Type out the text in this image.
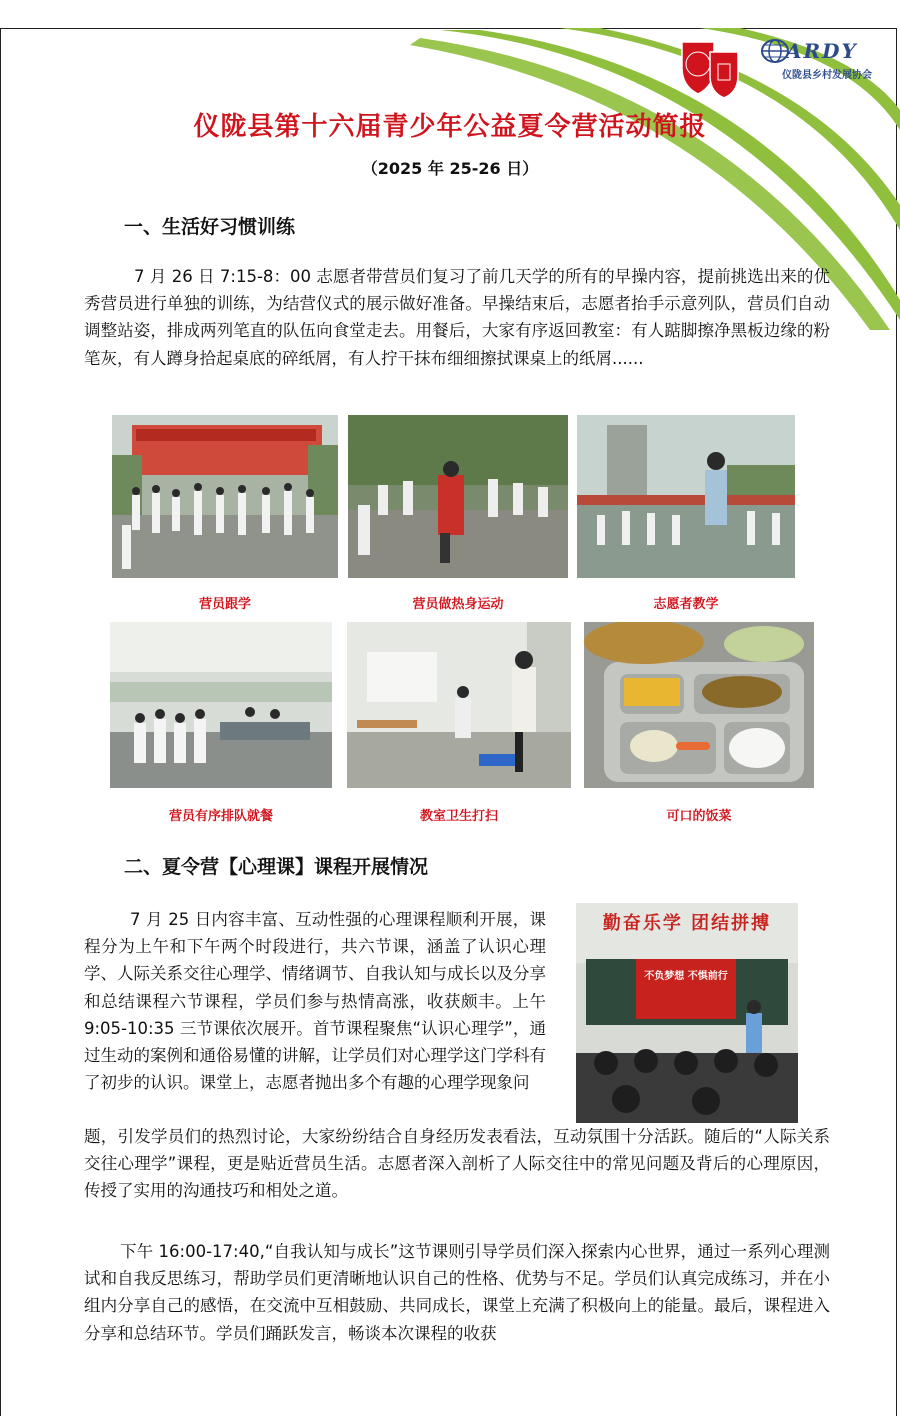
ARDY
仪陇县乡村发展协会
仪陇县第十六届青少年公益夏令营活动简报
（2025 年 25-26 日）
一、生活好习惯训练

7 月 26 日 7:15-8：00 志愿者带营员们复习了前几天学的所有的早操内容，提前挑选出来的优秀营员进行单独的训练，为结营仪式的展示做好准备。早操结束后，志愿者抬手示意列队，营员们自动调整站姿，排成两列笔直的队伍向食堂走去。用餐后，大家有序返回教室：有人踮脚擦净黑板边缘的粉笔灰，有人蹲身拾起桌底的碎纸屑，有人拧干抹布细细擦拭课桌上的纸屑......

营员跟学	营员做热身运动	志愿者教学
营员有序排队就餐	教室卫生打扫	可口的饭菜
二、夏令营【心理课】课程开展情况

7 月 25 日内容丰富、互动性强的心理课程顺利开展，课程分为上午和下午两个时段进行，共六节课，涵盖了认识心理学、人际关系交往心理学、情绪调节、自我认知与成长以及分享和总结课程六节课程，学员们参与热情高涨，收获颇丰。上午 9:05-10:35 三节课依次展开。首节课程聚焦“认识心理学”，通过生动的案例和通俗易懂的讲解，让学员们对心理学这门学科有了初步的认识。课堂上，志愿者抛出多个有趣的心理学现象问

勤奋乐学 团结拼搏
不负梦想 不惧前行

题，引发学员们的热烈讨论，大家纷纷结合自身经历发表看法，互动氛围十分活跃。随后的“人际关系交往心理学”课程，更是贴近营员生活。志愿者深入剖析了人际交往中的常见问题及背后的心理原因，传授了实用的沟通技巧和相处之道。

下午 16:00-17:40,“自我认知与成长”这节课则引导学员们深入探索内心世界，通过一系列心理测试和自我反思练习，帮助学员们更清晰地认识自己的性格、优势与不足。学员们认真完成练习，并在小组内分享自己的感悟，在交流中互相鼓励、共同成长，课堂上充满了积极向上的能量。最后，课程进入分享和总结环节。学员们踊跃发言，畅谈本次课程的收获
